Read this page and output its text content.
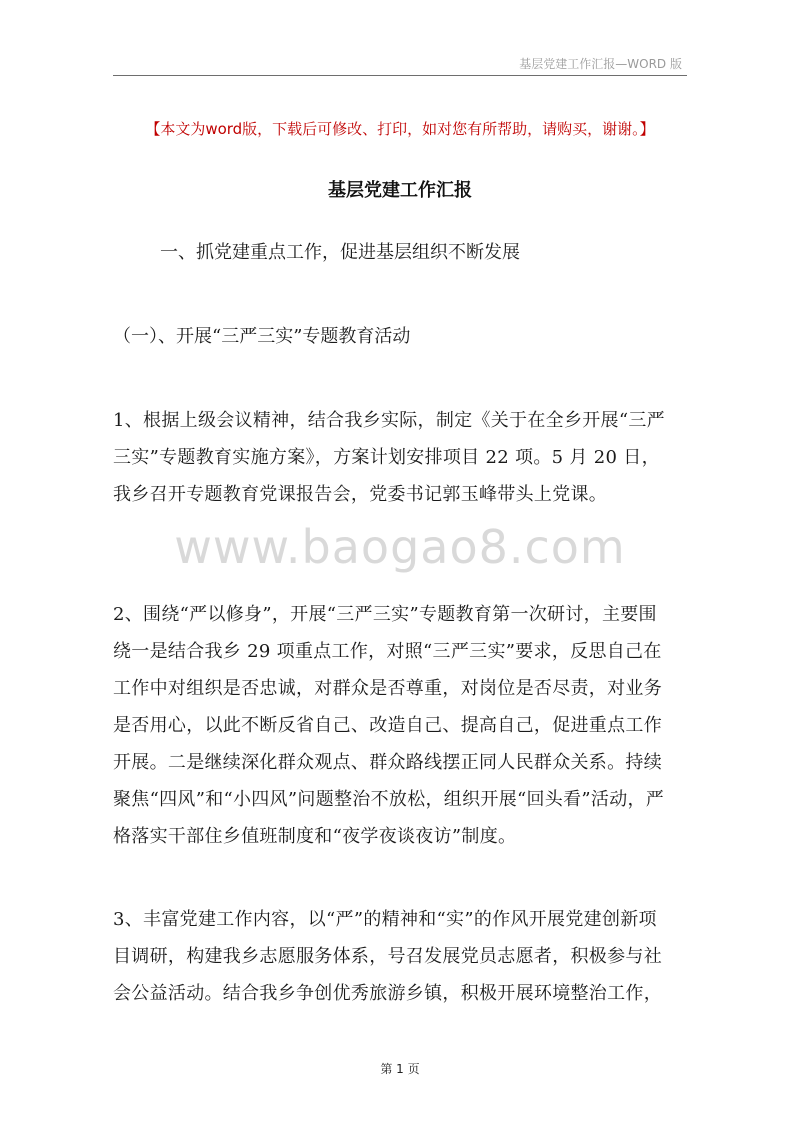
基层党建工作汇报—WORD 版
【本文为word版，下载后可修改、打印，如对您有所帮助，请购买，谢谢。】
基层党建工作汇报
一、抓党建重点工作，促进基层组织不断发展
（一）、开展“三严三实”专题教育活动
1、根据上级会议精神，结合我乡实际，制定《关于在全乡开展“三严
三实”专题教育实施方案》，方案计划安排项目 22 项。5 月 20 日，
我乡召开专题教育党课报告会，党委书记郭玉峰带头上党课。
www.baogao8.com
2、围绕“严以修身”，开展“三严三实”专题教育第一次研讨，主要围
绕一是结合我乡 29 项重点工作，对照“三严三实”要求，反思自己在
工作中对组织是否忠诚，对群众是否尊重，对岗位是否尽责，对业务
是否用心，以此不断反省自己、改造自己、提高自己，促进重点工作
开展。二是继续深化群众观点、群众路线摆正同人民群众关系。持续
聚焦“四风”和“小四风”问题整治不放松，组织开展“回头看”活动，严
格落实干部住乡值班制度和“夜学夜谈夜访”制度。
3、丰富党建工作内容，以“严”的精神和“实”的作风开展党建创新项
目调研，构建我乡志愿服务体系，号召发展党员志愿者，积极参与社
会公益活动。结合我乡争创优秀旅游乡镇，积极开展环境整治工作，
第 1 页
